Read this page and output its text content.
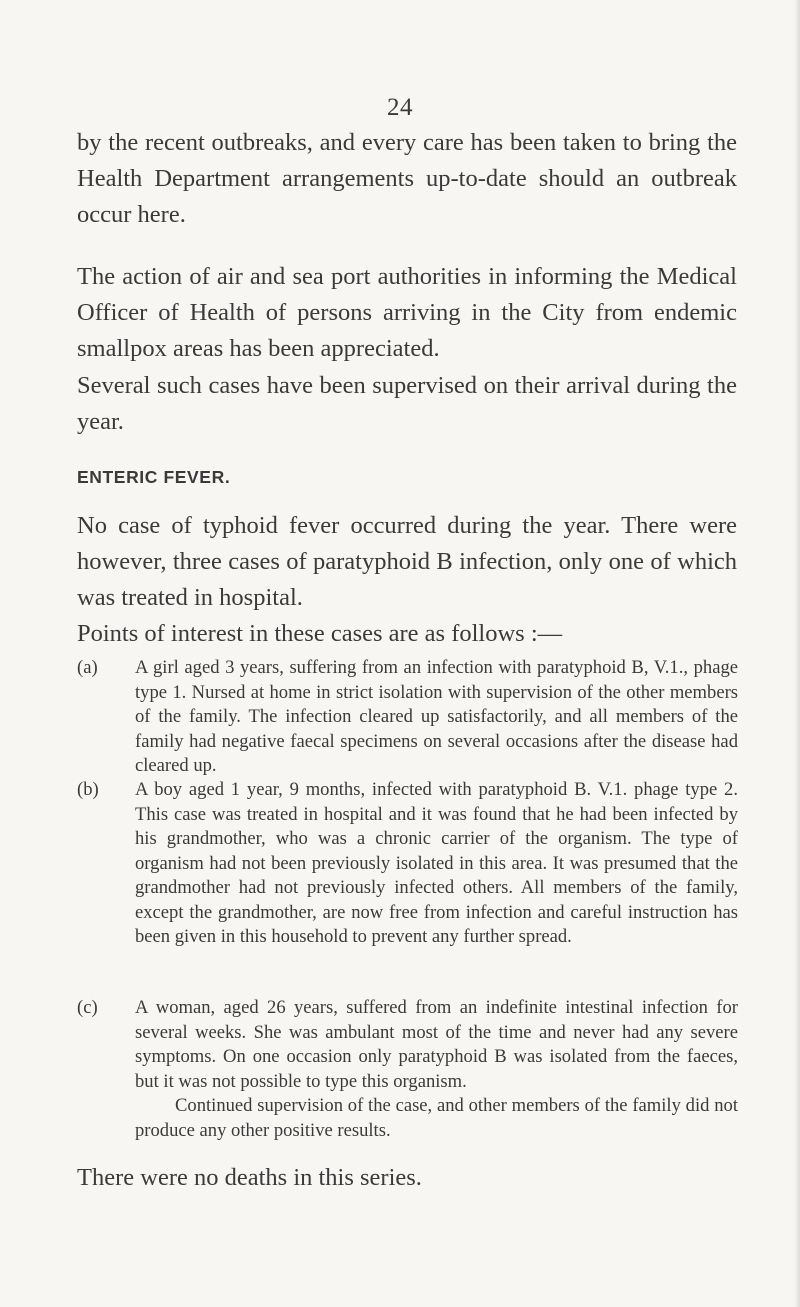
24

by the recent outbreaks, and every care has been taken to bring the Health Department arrangements up-to-date should an outbreak occur here.

The action of air and sea port authorities in informing the Medical Officer of Health of persons arriving in the City from endemic smallpox areas has been appreciated.

Several such cases have been supervised on their arrival during the year.

ENTERIC FEVER.

No case of typhoid fever occurred during the year. There were however, three cases of paratyphoid B infection, only one of which was treated in hospital.

Points of interest in these cases are as follows :—

(a) A girl aged 3 years, suffering from an infection with paratyphoid B, V.1., phage type 1. Nursed at home in strict isolation with supervision of the other members of the family. The infection cleared up satisfactorily, and all members of the family had negative faecal specimens on several occasions after the disease had cleared up.

(b) A boy aged 1 year, 9 months, infected with paratyphoid B. V.1. phage type 2. This case was treated in hospital and it was found that he had been infected by his grandmother, who was a chronic carrier of the organism. The type of organism had not been previously isolated in this area. It was presumed that the grandmother had not previously infected others. All members of the family, except the grandmother, are now free from infection and careful instruction has been given in this household to prevent any further spread.

(c) A woman, aged 26 years, suffered from an indefinite intestinal infection for several weeks. She was ambulant most of the time and never had any severe symptoms. On one occasion only paratyphoid B was isolated from the faeces, but it was not possible to type this organism.

Continued supervision of the case, and other members of the family did not produce any other positive results.

There were no deaths in this series.
